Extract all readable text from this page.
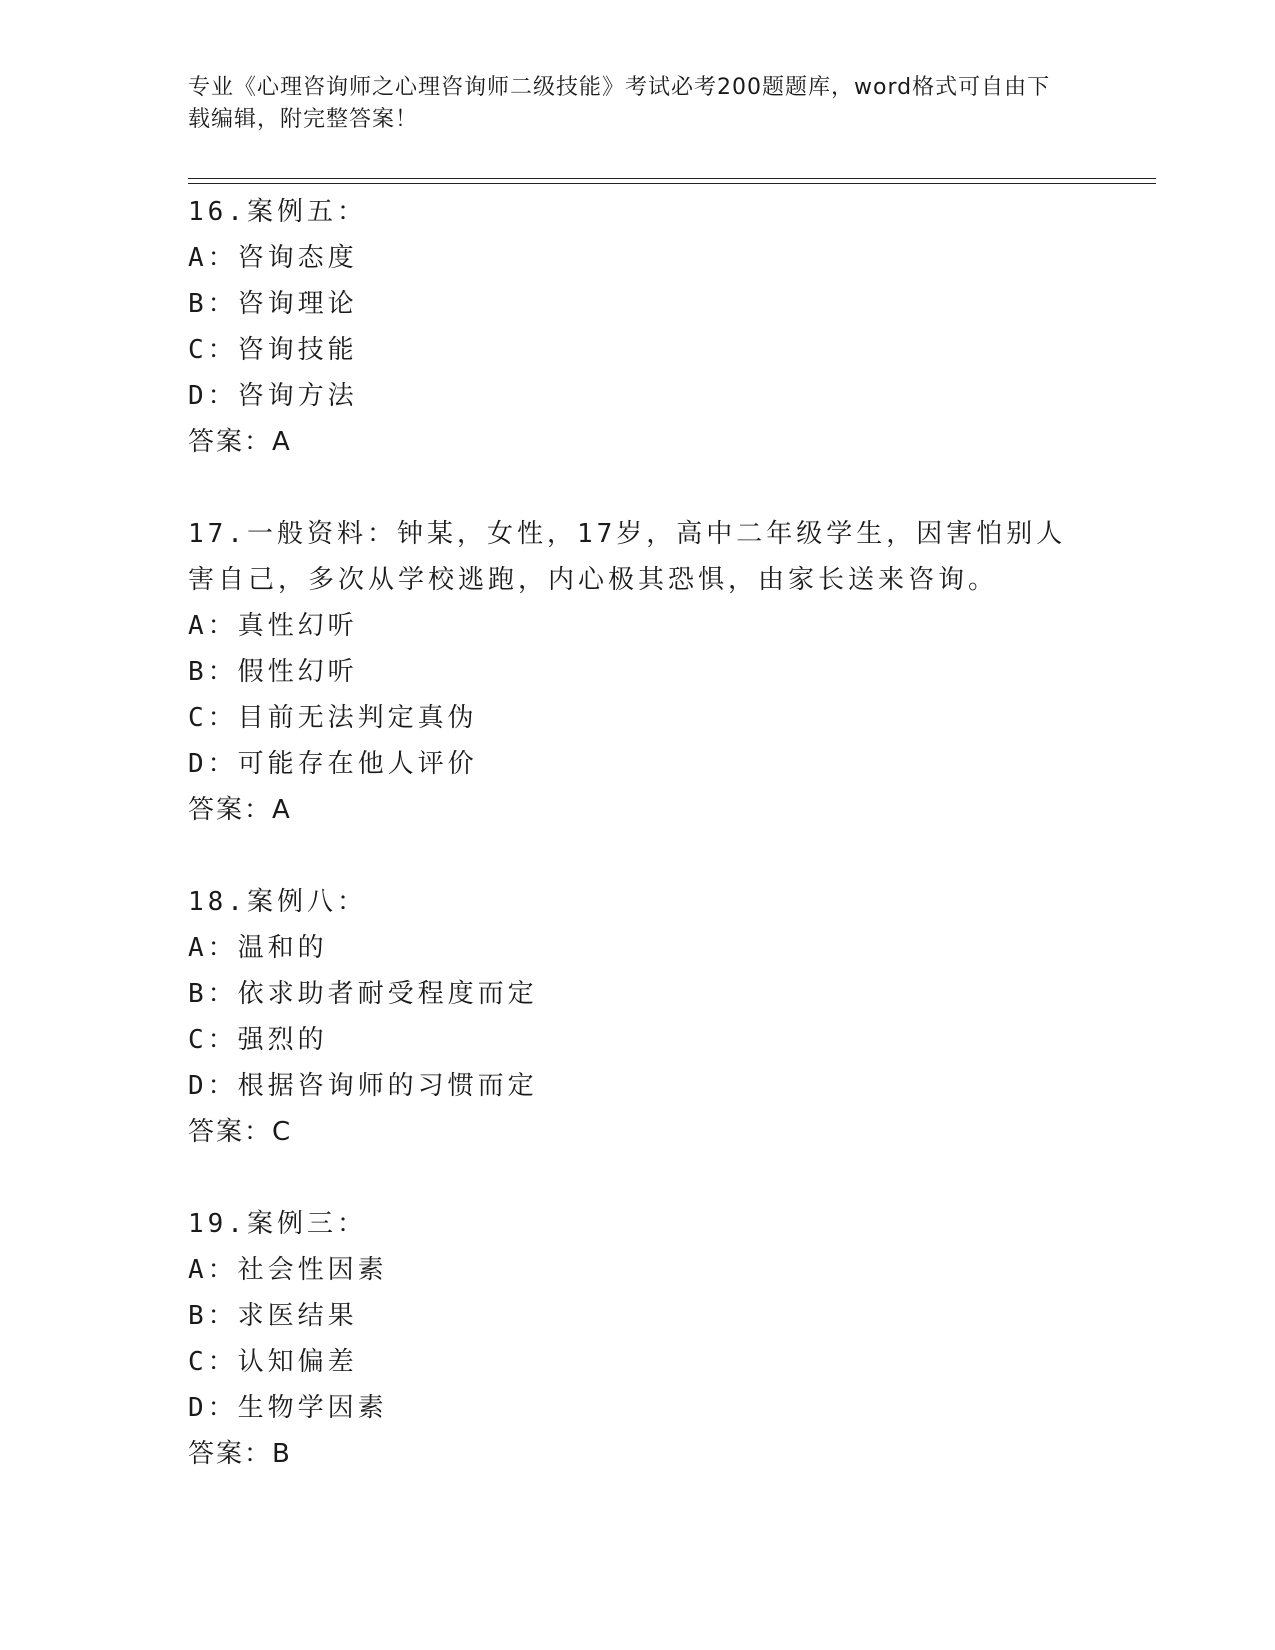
专业《心理咨询师之心理咨询师二级技能》考试必考200题题库，word格式可自由下载编辑，附完整答案！
16.案例五：
A：咨询态度
B：咨询理论
C：咨询技能
D：咨询方法
答案：A
17.一般资料：钟某，女性，17岁，高中二年级学生，因害怕别人害自己，多次从学校逃跑，内心极其恐惧，由家长送来咨询。
A：真性幻听
B：假性幻听
C：目前无法判定真伪
D：可能存在他人评价
答案：A
18.案例八：
A：温和的
B：依求助者耐受程度而定
C：强烈的
D：根据咨询师的习惯而定
答案：C
19.案例三：
A：社会性因素
B：求医结果
C：认知偏差
D：生物学因素
答案：B
